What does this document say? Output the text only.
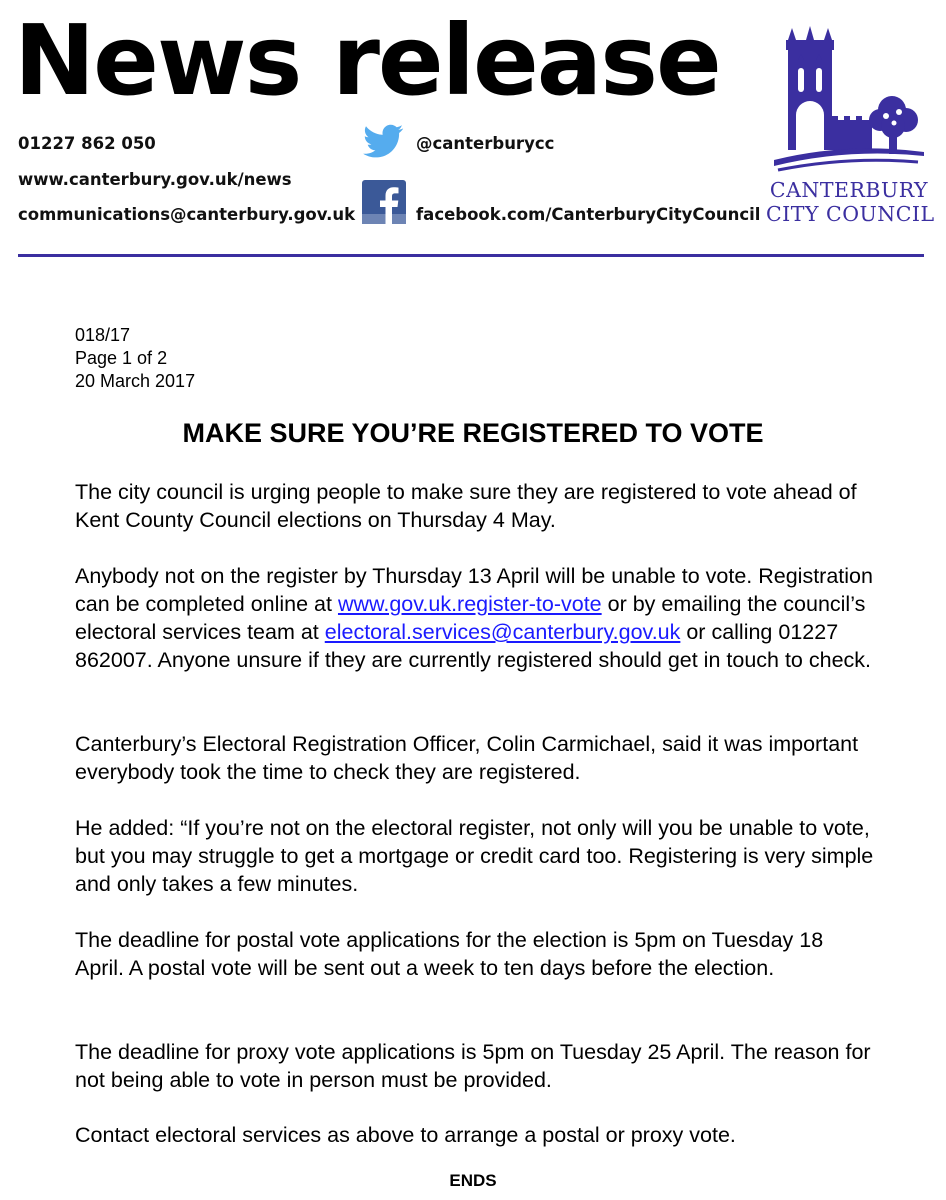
News release
01227 862 050
www.canterbury.gov.uk/news
communications@canterbury.gov.uk
@canterburycc
facebook.com/CanterburyCityCouncil
CANTERBURY
CITY COUNCIL
018/17
Page 1 of 2
20 March 2017
MAKE SURE YOU’RE REGISTERED TO VOTE
The city council is urging people to make sure they are registered to vote ahead of Kent County Council elections on Thursday 4 May.
Anybody not on the register by Thursday 13 April will be unable to vote. Registration can be completed online at www.gov.uk.register-to-vote or by emailing the council’s electoral services team at electoral.services@canterbury.gov.uk or calling 01227 862007. Anyone unsure if they are currently registered should get in touch to check.
Canterbury’s Electoral Registration Officer, Colin Carmichael, said it was important everybody took the time to check they are registered.
He added: “If you’re not on the electoral register, not only will you be unable to vote, but you may struggle to get a mortgage or credit card too. Registering is very simple and only takes a few minutes.
The deadline for postal vote applications for the election is 5pm on Tuesday 18 April. A postal vote will be sent out a week to ten days before the election.
The deadline for proxy vote applications is 5pm on Tuesday 25 April. The reason for not being able to vote in person must be provided.
Contact electoral services as above to arrange a postal or proxy vote.
ENDS
